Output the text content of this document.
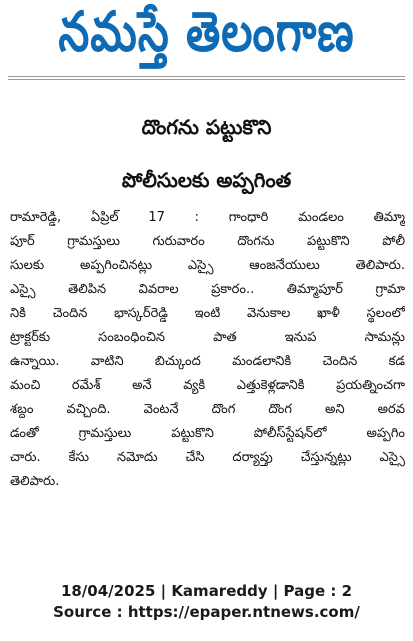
నమస్తే తెలంగాణ
దొంగను పట్టుకొని
పోలీసులకు అప్పగింత
రామారెడ్డి, ఏప్రిల్ 17 : గాంధారి మండలం తిమ్మా
పూర్ గ్రామస్తులు గురువారం దొంగను పట్టుకొని పోలీ
సులకు అప్పగించినట్లు ఎస్సై ఆంజనేయులు తెలిపారు.
ఎస్సై తెలిపిన వివరాల ప్రకారం.. తిమ్మాపూర్ గ్రామా
నికి చెందిన భాస్కర్‌రెడ్డి ఇంటి వెనుకాల ఖాళీ స్థలంలో
ట్రాక్టర్‌కు సంబంధించిన పాత ఇనుప సామన్లు
ఉన్నాయి. వాటిని బిచ్కుంద మండలానికి చెందిన కడ
మంచి రమేశ్ అనే వ్యకి ఎత్తుకెళ్లడానికి ప్రయత్నించగా
శబ్దం వచ్చింది. వెంటనే దొంగ దొంగ అని అరవ
డంతో గ్రామస్తులు పట్టుకొని పోలీస్‌స్టేషన్‌లో అప్పగిం
చారు. కేసు నమోదు చేసి దర్యాప్తు చేస్తున్నట్లు ఎస్సై
తెలిపారు.
18/04/2025 | Kamareddy | Page : 2
Source : https://epaper.ntnews.com/
